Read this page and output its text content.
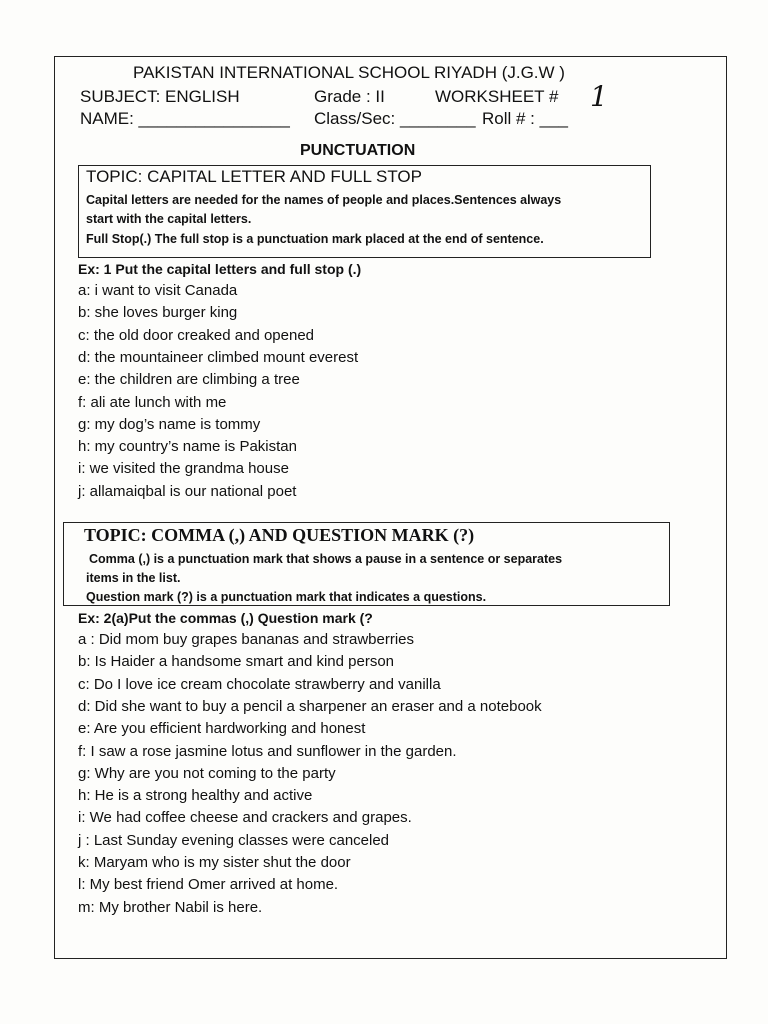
PAKISTAN INTERNATIONAL SCHOOL RIYADH (J.G.W )
SUBJECT: ENGLISH	Grade : II	WORKSHEET # 1
NAME: ________________ Class/Sec: ________ Roll # : ___
PUNCTUATION
TOPIC: CAPITAL LETTER AND FULL STOP
Capital letters are needed for the names of people and places.Sentences always
start with the capital letters.
Full Stop(.) The full stop is a punctuation mark placed at the end of sentence.
Ex: 1 Put the capital letters and full stop (.)
a: i want to visit Canada
b: she loves burger king
c: the old door creaked and opened
d: the mountaineer climbed mount everest
e: the children are climbing a tree
f: ali ate lunch with me
g: my dog’s name is tommy
h: my country’s name is Pakistan
i: we visited the grandma house
j: allamaiqbal is our national poet
TOPIC: COMMA (,) AND QUESTION MARK (?)
Comma (,) is a punctuation mark that shows a pause in a sentence or separates
items in the list.
Question mark (?) is a punctuation mark that indicates a questions.
Ex: 2(a)Put the commas (,) Question mark (?
a : Did mom buy grapes bananas and strawberries
b: Is Haider a handsome smart and kind person
c: Do I love ice cream chocolate strawberry and vanilla
d: Did she want to buy a pencil a sharpener an eraser and a notebook
e: Are you efficient hardworking and honest
f: I saw a rose jasmine lotus and sunflower in the garden.
g: Why are you not coming to the party
h: He is a strong healthy and active
i: We had coffee cheese and crackers and grapes.
j : Last Sunday evening classes were canceled
k: Maryam who is my sister shut the door
l: My best friend Omer arrived at home.
m: My brother Nabil is here.
